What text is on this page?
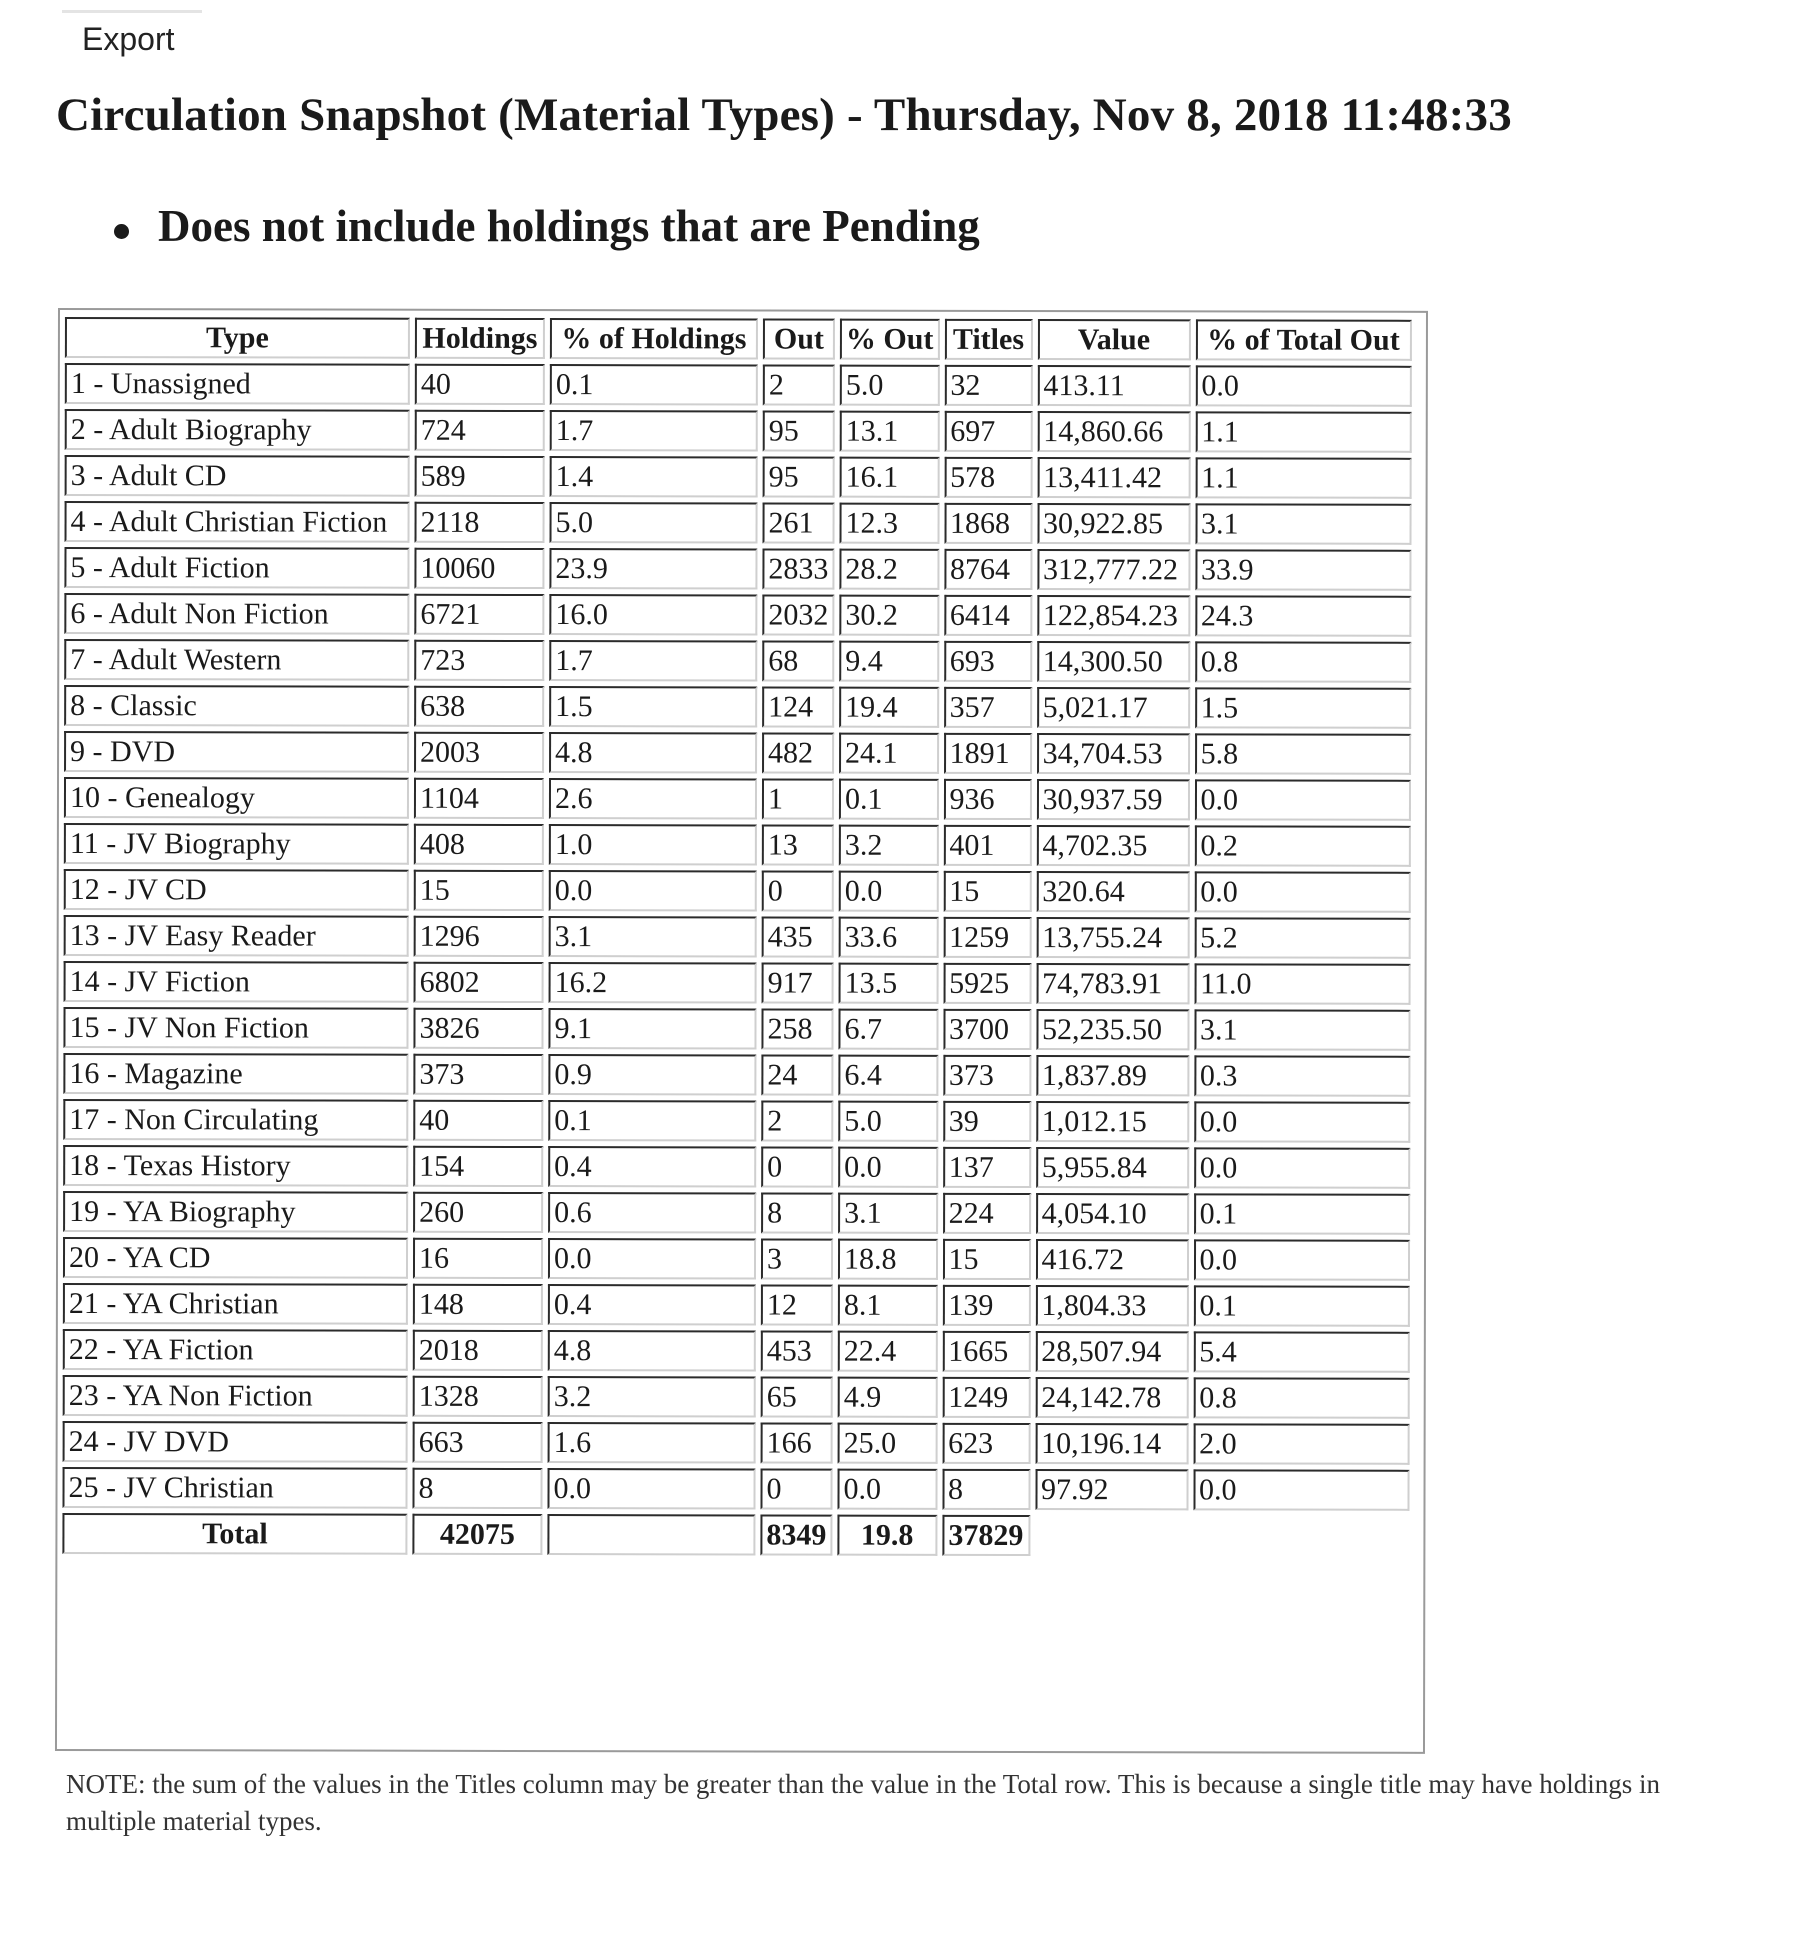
Export
Circulation Snapshot (Material Types) - Thursday, Nov 8, 2018 11:48:33
Does not include holdings that are Pending
Type	Holdings	% of Holdings	Out	% Out	Titles	Value	% of Total Out
1 - Unassigned	40	0.1	2	5.0	32	413.11	0.0
2 - Adult Biography	724	1.7	95	13.1	697	14,860.66	1.1
3 - Adult CD	589	1.4	95	16.1	578	13,411.42	1.1
4 - Adult Christian Fiction	2118	5.0	261	12.3	1868	30,922.85	3.1
5 - Adult Fiction	10060	23.9	2833	28.2	8764	312,777.22	33.9
6 - Adult Non Fiction	6721	16.0	2032	30.2	6414	122,854.23	24.3
7 - Adult Western	723	1.7	68	9.4	693	14,300.50	0.8
8 - Classic	638	1.5	124	19.4	357	5,021.17	1.5
9 - DVD	2003	4.8	482	24.1	1891	34,704.53	5.8
10 - Genealogy	1104	2.6	1	0.1	936	30,937.59	0.0
11 - JV Biography	408	1.0	13	3.2	401	4,702.35	0.2
12 - JV CD	15	0.0	0	0.0	15	320.64	0.0
13 - JV Easy Reader	1296	3.1	435	33.6	1259	13,755.24	5.2
14 - JV Fiction	6802	16.2	917	13.5	5925	74,783.91	11.0
15 - JV Non Fiction	3826	9.1	258	6.7	3700	52,235.50	3.1
16 - Magazine	373	0.9	24	6.4	373	1,837.89	0.3
17 - Non Circulating	40	0.1	2	5.0	39	1,012.15	0.0
18 - Texas History	154	0.4	0	0.0	137	5,955.84	0.0
19 - YA Biography	260	0.6	8	3.1	224	4,054.10	0.1
20 - YA CD	16	0.0	3	18.8	15	416.72	0.0
21 - YA Christian	148	0.4	12	8.1	139	1,804.33	0.1
22 - YA Fiction	2018	4.8	453	22.4	1665	28,507.94	5.4
23 - YA Non Fiction	1328	3.2	65	4.9	1249	24,142.78	0.8
24 - JV DVD	663	1.6	166	25.0	623	10,196.14	2.0
25 - JV Christian	8	0.0	0	0.0	8	97.92	0.0
Total	42075		8349	19.8	37829		

NOTE: the sum of the values in the Titles column may be greater than the value in the Total row. This is because a single title may have holdings in multiple material types.
